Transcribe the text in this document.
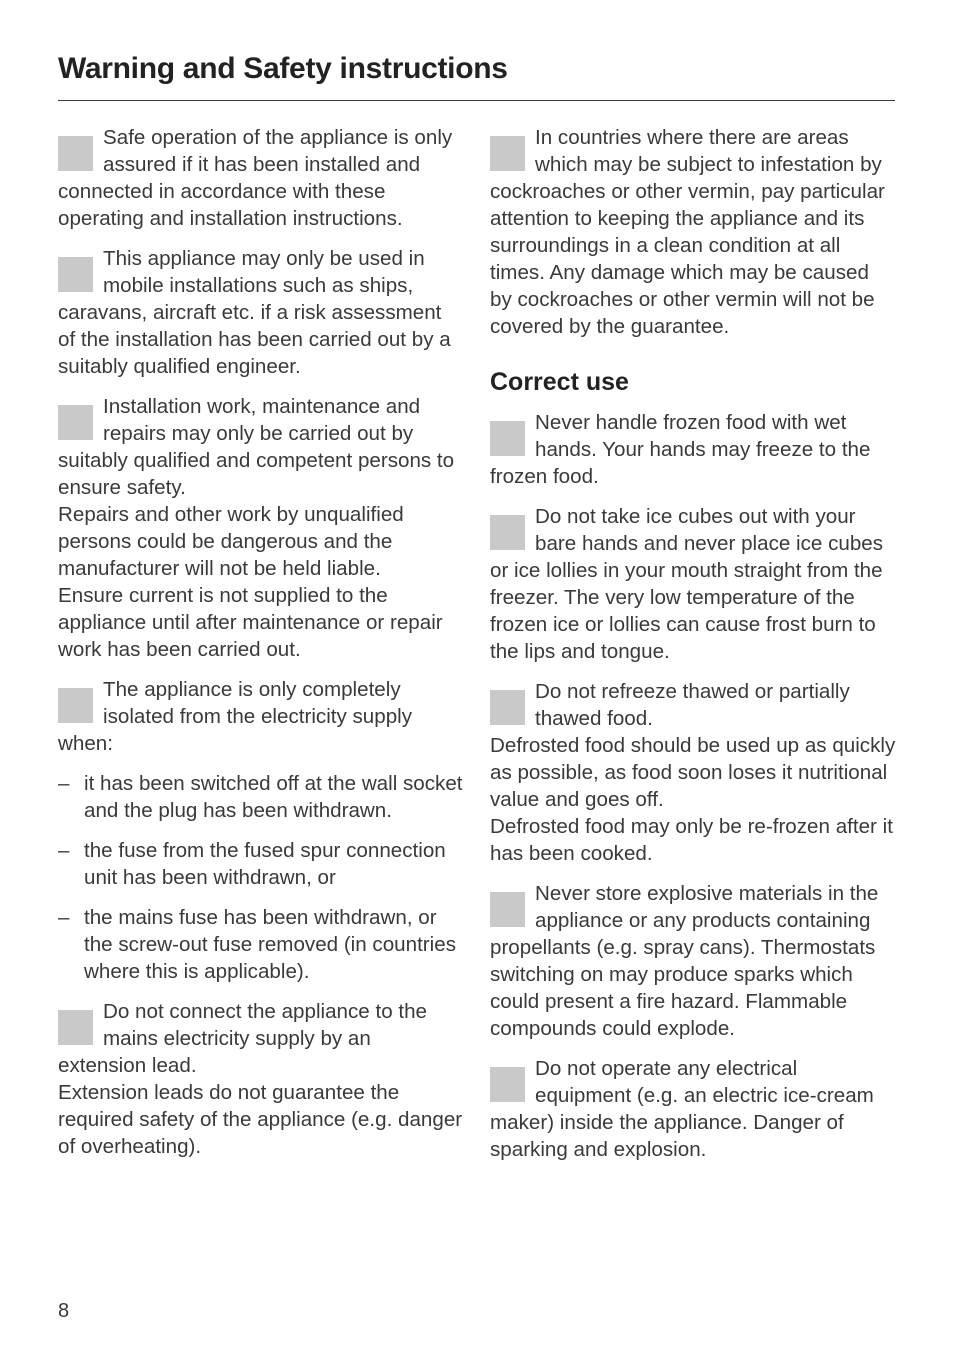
Warning and Safety instructions

Safe operation of the appliance is only assured if it has been installed and connected in accordance with these operating and installation instructions.

This appliance may only be used in mobile installations such as ships, caravans, aircraft etc. if a risk assessment of the installation has been carried out by a suitably qualified engineer.

Installation work, maintenance and repairs may only be carried out by suitably qualified and competent persons to ensure safety.

Repairs and other work by unqualified persons could be dangerous and the manufacturer will not be held liable.

Ensure current is not supplied to the appliance until after maintenance or repair work has been carried out.

The appliance is only completely isolated from the electricity supply when:

– it has been switched off at the wall socket and the plug has been withdrawn.
– the fuse from the fused spur connection unit has been withdrawn, or
– the mains fuse has been withdrawn, or the screw-out fuse removed (in countries where this is applicable).

Do not connect the appliance to the mains electricity supply by an extension lead.

Extension leads do not guarantee the required safety of the appliance (e.g. danger of overheating).

In countries where there are areas which may be subject to infestation by cockroaches or other vermin, pay particular attention to keeping the appliance and its surroundings in a clean condition at all times. Any damage which may be caused by cockroaches or other vermin will not be covered by the guarantee.

Correct use

Never handle frozen food with wet hands. Your hands may freeze to the frozen food.

Do not take ice cubes out with your bare hands and never place ice cubes or ice lollies in your mouth straight from the freezer. The very low temperature of the frozen ice or lollies can cause frost burn to the lips and tongue.

Do not refreeze thawed or partially thawed food.

Defrosted food should be used up as quickly as possible, as food soon loses it nutritional value and goes off.

Defrosted food may only be re-frozen after it has been cooked.

Never store explosive materials in the appliance or any products containing propellants (e.g. spray cans). Thermostats switching on may produce sparks which could present a fire hazard. Flammable compounds could explode.

Do not operate any electrical equipment (e.g. an electric ice-cream maker) inside the appliance. Danger of sparking and explosion.

8
